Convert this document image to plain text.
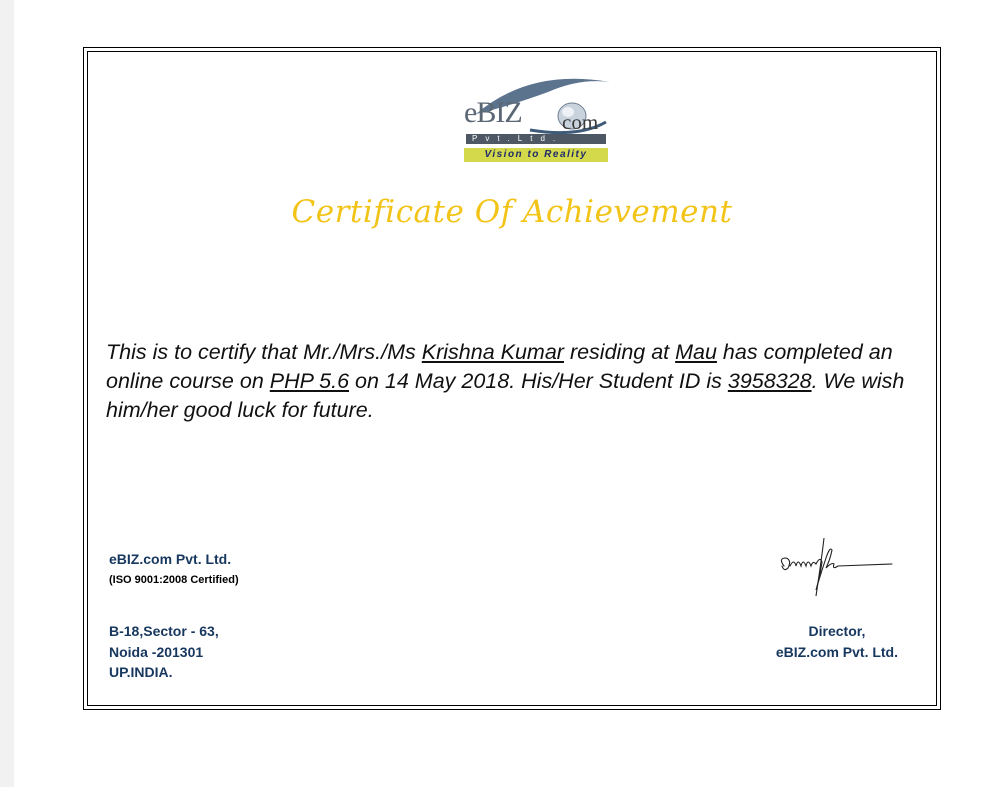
eBIZ com
Pvt.Ltd.
Vision to Reality
Certificate Of Achievement
This is to certify that Mr./Mrs./Ms Krishna Kumar residing at Mau has completed an online course on PHP 5.6 on 14 May 2018. His/Her Student ID is 3958328. We wish him/her good luck for future.
eBIZ.com Pvt. Ltd.
(ISO 9001:2008 Certified)
B-18,Sector - 63,
Noida -201301
UP.INDIA.
Director,
eBIZ.com Pvt. Ltd.
